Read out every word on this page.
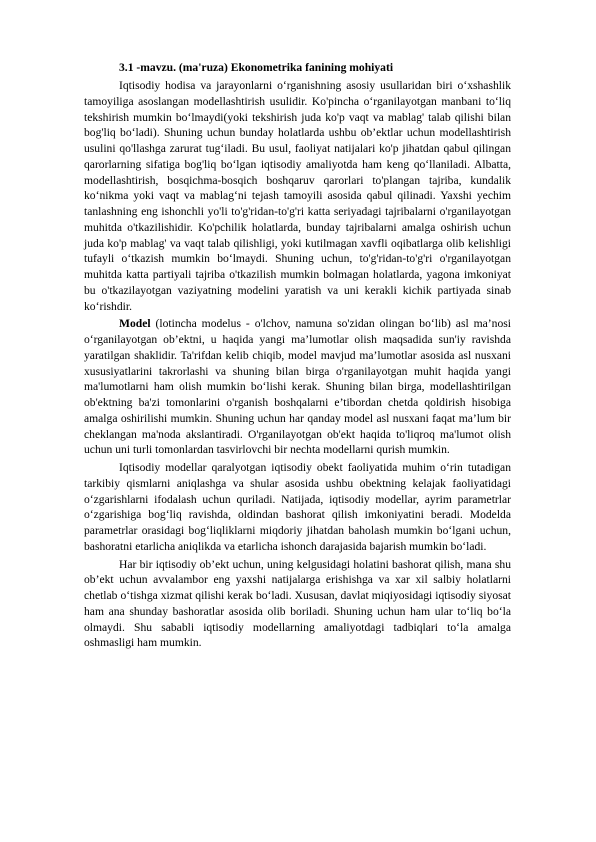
3.1 -mavzu. (ma'ruza) Ekonometrika fanining mohiyati

Iqtisodiy hodisa va jarayonlarni o‘rganishning asosiy usullaridan biri o‘xshashlik tamoyiliga asoslangan modellashtirish usulidir. Ko'pincha o‘rganilayotgan manbani to‘liq tekshirish mumkin bo‘lmaydi(yoki tekshirish juda ko'p vaqt va mablag' talab qilishi bilan bog'liq bo‘ladi). Shuning uchun bunday holatlarda ushbu ob’ektlar uchun modellashtirish usulini qo'llashga zarurat tug‘iladi. Bu usul, faoliyat natijalari ko'p jihatdan qabul qilingan qarorlarning sifatiga bog'liq bo‘lgan iqtisodiy amaliyotda ham keng qo‘llaniladi. Albatta, modellashtirish, bosqichma-bosqich boshqaruv qarorlari to'plangan tajriba, kundalik ko‘nikma yoki vaqt va mablag‘ni tejash tamoyili asosida qabul qilinadi. Yaxshi yechim tanlashning eng ishonchli yo'li to'g'ridan-to'g'ri katta seriyadagi tajribalarni o'rganilayotgan muhitda o'tkazilishidir. Ko'pchilik holatlarda, bunday tajribalarni amalga oshirish uchun juda ko'p mablag' va vaqt talab qilishligi, yoki kutilmagan xavfli oqibatlarga olib kelishligi tufayli o‘tkazish mumkin bo‘lmaydi. Shuning uchun, to'g'ridan-to'g'ri o'rganilayotgan muhitda katta partiyali tajriba o'tkazilish mumkin bolmagan holatlarda, yagona imkoniyat bu o'tkazilayotgan vaziyatning modelini yaratish va uni kerakli kichik partiyada sinab ko‘rishdir.

Model (lotincha modelus - o'lchov, namuna so'zidan olingan bo‘lib) asl ma’nosi o‘rganilayotgan ob’ektni, u haqida yangi ma’lumotlar olish maqsadida sun'iy ravishda yaratilgan shaklidir. Ta'rifdan kelib chiqib, model mavjud ma’lumotlar asosida asl nusxani xususiyatlarini takrorlashi va shuning bilan birga o'rganilayotgan muhit haqida yangi ma'lumotlarni ham olish mumkin bo‘lishi kerak. Shuning bilan birga, modellashtirilgan ob'ektning ba'zi tomonlarini o'rganish boshqalarni e’tibordan chetda qoldirish hisobiga amalga oshirilishi mumkin. Shuning uchun har qanday model asl nusxani faqat ma’lum bir cheklangan ma'noda akslantiradi. O'rganilayotgan ob'ekt haqida to'liqroq ma'lumot olish uchun uni turli tomonlardan tasvirlovchi bir nechta modellarni qurish mumkin.

Iqtisodiy modellar qaralyotgan iqtisodiy obekt faoliyatida muhim o‘rin tutadigan tarkibiy qismlarni aniqlashga va shular asosida ushbu obektning kelajak faoliyatidagi o‘zgarishlarni ifodalash uchun quriladi. Natijada, iqtisodiy modellar, ayrim parametrlar o‘zgarishiga bog‘liq ravishda, oldindan bashorat qilish imkoniyatini beradi. Modelda parametrlar orasidagi bog‘liqliklarni miqdoriy jihatdan baholash mumkin bo‘lgani uchun, bashoratni etarlicha aniqlikda va etarlicha ishonch darajasida bajarish mumkin bo‘ladi.

Har bir iqtisodiy ob’ekt uchun, uning kelgusidagi holatini bashorat qilish, mana shu ob’ekt uchun avvalambor eng yaxshi natijalarga erishishga va xar xil salbiy holatlarni chetlab o‘tishga xizmat qilishi kerak bo‘ladi. Xususan, davlat miqiyosidagi iqtisodiy siyosat ham ana shunday bashoratlar asosida olib boriladi. Shuning uchun ham ular to‘liq bo‘la olmaydi. Shu sababli iqtisodiy modellarning amaliyotdagi tadbiqlari to‘la amalga oshmasligi ham mumkin.
